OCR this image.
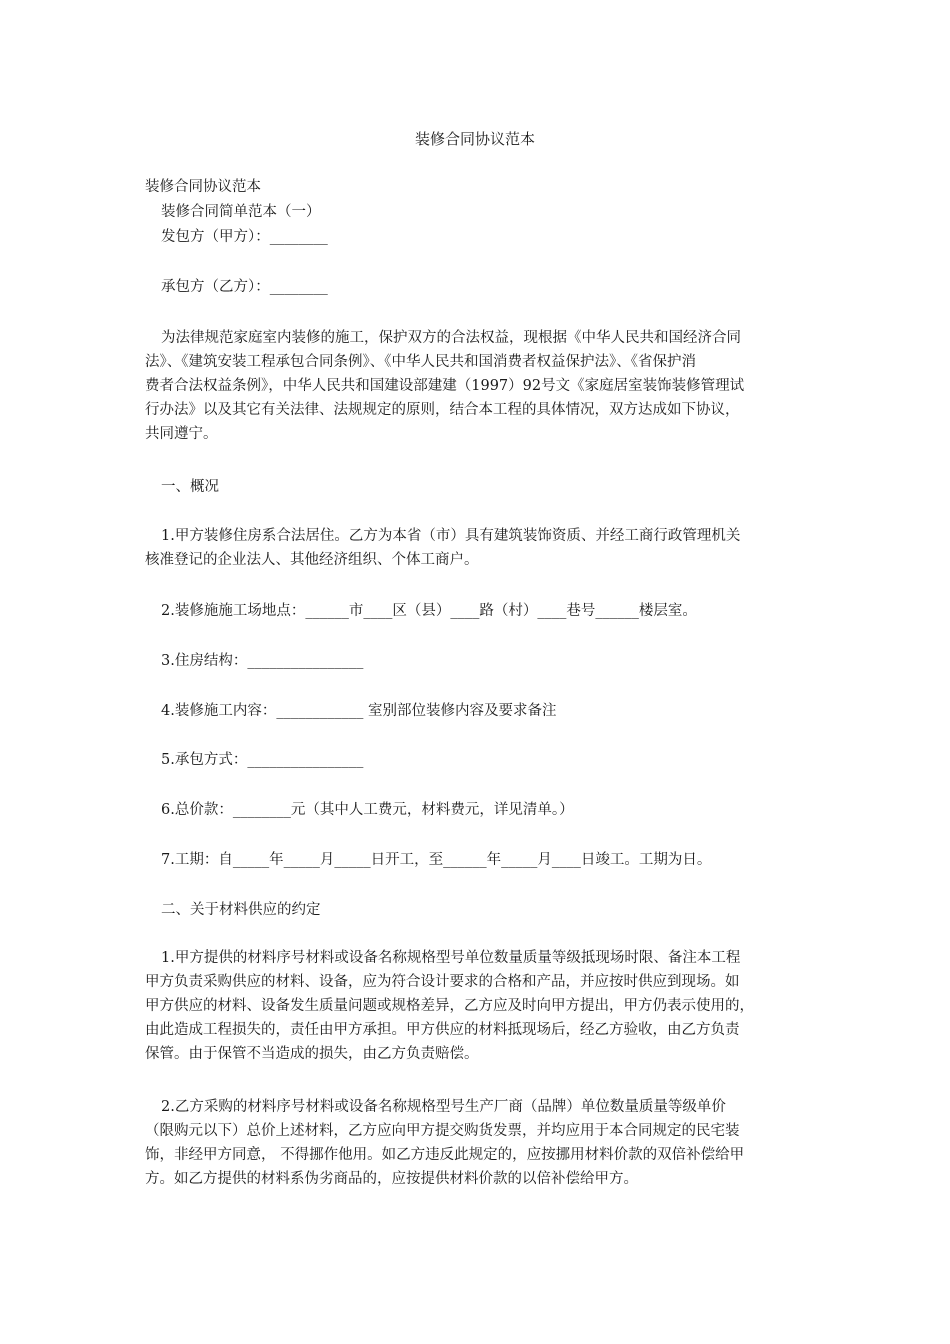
装修合同协议范本
装修合同协议范本
装修合同简单范本（一）
发包方（甲方）：________
承包方（乙方）：________
为法律规范家庭室内装修的施工，保护双方的合法权益，现根据《中华人民共和国经济合同
法》、《建筑安装工程承包合同条例》、《中华人民共和国消费者权益保护法》、《省保护消
费者合法权益条例》，中华人民共和国建设部建建（1997）92号文《家庭居室装饰装修管理试
行办法》以及其它有关法律、法规规定的原则，结合本工程的具体情况，双方达成如下协议，
共同遵宁。
一、概况
1.甲方装修住房系合法居住。乙方为本省（市）具有建筑装饰资质、并经工商行政管理机关
核准登记的企业法人、其他经济组织、个体工商户。
2.装修施施工场地点：______市____区（县）____路（村）____巷号______楼层室。
3.住房结构：________________
4.装修施工内容：____________ 室别部位装修内容及要求备注
5.承包方式：________________
6.总价款：________元（其中人工费元，材料费元，详见清单。）
7.工期：自_____年_____月_____日开工，至______年_____月____日竣工。工期为日。
二、关于材料供应的约定
1.甲方提供的材料序号材料或设备名称规格型号单位数量质量等级抵现场时限、备注本工程
甲方负责采购供应的材料、设备，应为符合设计要求的合格和产品，并应按时供应到现场。如
甲方供应的材料、设备发生质量问题或规格差异，乙方应及时向甲方提出，甲方仍表示使用的，
由此造成工程损失的，责任由甲方承担。甲方供应的材料抵现场后，经乙方验收，由乙方负责
保管。由于保管不当造成的损失，由乙方负责赔偿。
2.乙方采购的材料序号材料或设备名称规格型号生产厂商（品牌）单位数量质量等级单价
（限购元以下）总价上述材料，乙方应向甲方提交购货发票，并均应用于本合同规定的民宅装
饰，非经甲方同意， 不得挪作他用。如乙方违反此规定的，应按挪用材料价款的双倍补偿给甲
方。如乙方提供的材料系伪劣商品的，应按提供材料价款的以倍补偿给甲方。
